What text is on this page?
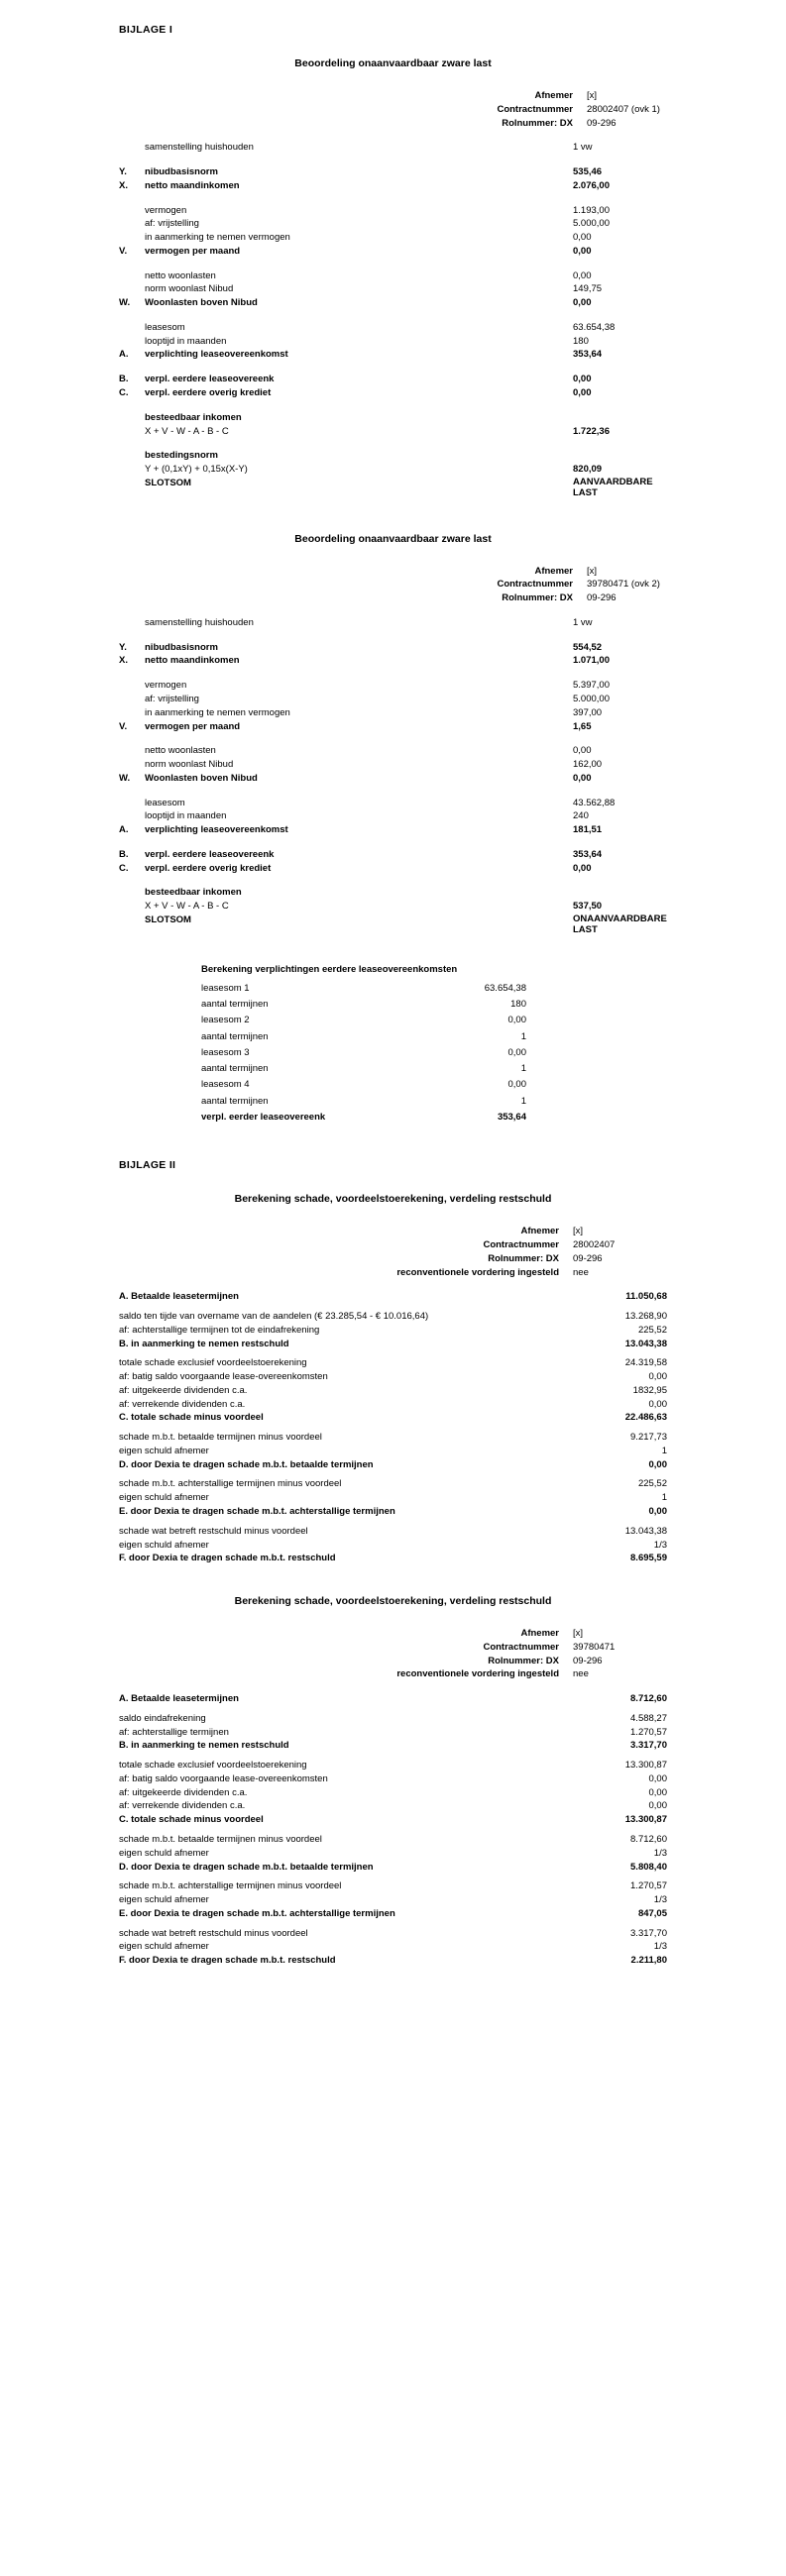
BIJLAGE I
Beoordeling onaanvaardbaar zware last
	Afnemer	[x]
	Contractnummer	28002407 (ovk 1)
	Rolnummer: DX	09-296

	samenstelling huishouden	1 vw

Y.	nibudbasisnorm	535,46
X.	netto maandinkomen	2.076,00

	vermogen	1.193,00
	af: vrijstelling	5.000,00
	in aanmerking te nemen vermogen	0,00
V.	vermogen per maand	0,00

	netto woonlasten	0,00
	norm woonlast Nibud	149,75
W.	Woonlasten boven Nibud	0,00

	leasesom	63.654,38
	looptijd in maanden	180
A.	verplichting leaseovereenkomst	353,64

B.	verpl. eerdere leaseovereenk	0,00
C.	verpl. eerdere overig krediet	0,00

	besteedbaar inkomen	
	X + V - W - A - B - C	1.722,36

	bestedingsnorm	
	Y + (0,1xY) + 0,15x(X-Y)	820,09
	SLOTSOM	AANVAARDBARE LAST
Beoordeling onaanvaardbaar zware last
	Afnemer	[x]
	Contractnummer	39780471 (ovk 2)
	Rolnummer: DX	09-296

	samenstelling huishouden	1 vw

Y.	nibudbasisnorm	554,52
X.	netto maandinkomen	1.071,00

	vermogen	5.397,00
	af: vrijstelling	5.000,00
	in aanmerking te nemen vermogen	397,00
V.	vermogen per maand	1,65

	netto woonlasten	0,00
	norm woonlast Nibud	162,00
W.	Woonlasten boven Nibud	0,00

	leasesom	43.562,88
	looptijd in maanden	240
A.	verplichting leaseovereenkomst	181,51

B.	verpl. eerdere leaseovereenk	353,64
C.	verpl. eerdere overig krediet	0,00

	besteedbaar inkomen	
	X + V - W - A - B - C	537,50
	SLOTSOM	ONAANVAARDBARE LAST
Berekening verplichtingen eerdere leaseovereenkomsten
leasesom 1	63.654,38
aantal termijnen	180
leasesom 2	0,00
aantal termijnen	1
leasesom 3	0,00
aantal termijnen	1
leasesom 4	0,00
aantal termijnen	1
verpl. eerder leaseovereenk	353,64
BIJLAGE II
Berekening schade, voordeelstoerekening, verdeling restschuld
Afnemer	[x]
Contractnummer	28002407
Rolnummer: DX	09-296
reconventionele vordering ingesteld	nee

A. Betaalde leasetermijnen	11.050,68

saldo ten tijde van overname van de aandelen (€ 23.285,54 - € 10.016,64)	13.268,90
af: achterstallige termijnen tot de eindafrekening	225,52
B. in aanmerking te nemen restschuld	13.043,38

totale schade exclusief voordeelstoerekening	24.319,58
af: batig saldo voorgaande lease-overeenkomsten	0,00
af: uitgekeerde dividenden c.a.	1832,95
af: verrekende dividenden c.a.	0,00
C. totale schade minus voordeel	22.486,63

schade m.b.t. betaalde termijnen minus voordeel	9.217,73
eigen schuld afnemer	1
D. door Dexia te dragen schade m.b.t. betaalde termijnen	0,00

schade m.b.t. achterstallige termijnen minus voordeel	225,52
eigen schuld afnemer	1
E. door Dexia te dragen schade m.b.t. achterstallige termijnen	0,00

schade wat betreft restschuld minus voordeel	13.043,38
eigen schuld afnemer	1/3
F. door Dexia te dragen schade m.b.t. restschuld	8.695,59
Berekening schade, voordeelstoerekening, verdeling restschuld
Afnemer	[x]
Contractnummer	39780471
Rolnummer: DX	09-296
reconventionele vordering ingesteld	nee

A. Betaalde leasetermijnen	8.712,60

saldo eindafrekening	4.588,27
af: achterstallige termijnen	1.270,57
B. in aanmerking te nemen restschuld	3.317,70

totale schade exclusief voordeelstoerekening	13.300,87
af: batig saldo voorgaande lease-overeenkomsten	0,00
af: uitgekeerde dividenden c.a.	0,00
af: verrekende dividenden c.a.	0,00
C. totale schade minus voordeel	13.300,87

schade m.b.t. betaalde termijnen minus voordeel	8.712,60
eigen schuld afnemer	1/3
D. door Dexia te dragen schade m.b.t. betaalde termijnen	5.808,40

schade m.b.t. achterstallige termijnen minus voordeel	1.270,57
eigen schuld afnemer	1/3
E. door Dexia te dragen schade m.b.t. achterstallige termijnen	847,05

schade wat betreft restschuld minus voordeel	3.317,70
eigen schuld afnemer	1/3
F. door Dexia te dragen schade m.b.t. restschuld	2.211,80
